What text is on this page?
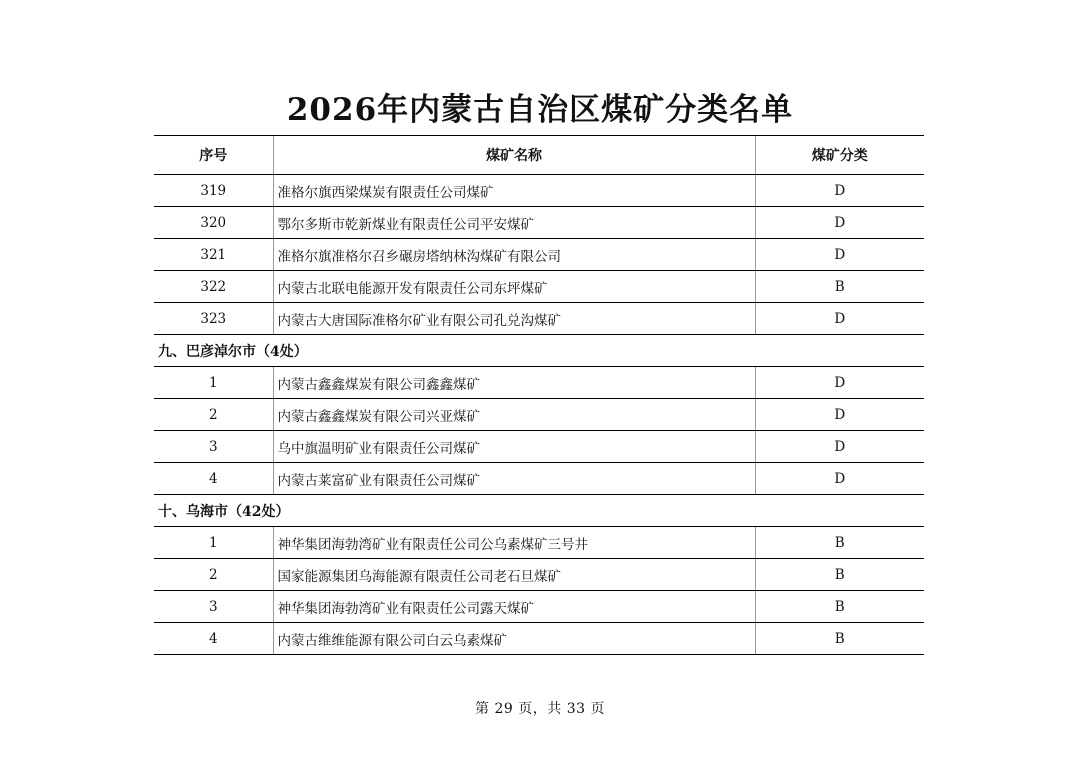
2026年内蒙古自治区煤矿分类名单
序号	煤矿名称	煤矿分类
319	准格尔旗西梁煤炭有限责任公司煤矿	D
320	鄂尔多斯市乾新煤业有限责任公司平安煤矿	D
321	准格尔旗准格尔召乡碾房塔纳林沟煤矿有限公司	D
322	内蒙古北联电能源开发有限责任公司东坪煤矿	B
323	内蒙古大唐国际准格尔矿业有限公司孔兑沟煤矿	D
九、巴彦淖尔市（4处）		
1	内蒙古鑫鑫煤炭有限公司鑫鑫煤矿	D
2	内蒙古鑫鑫煤炭有限公司兴亚煤矿	D
3	乌中旗温明矿业有限责任公司煤矿	D
4	内蒙古莱富矿业有限责任公司煤矿	D
十、乌海市（42处）		
1	神华集团海勃湾矿业有限责任公司公乌素煤矿三号井	B
2	国家能源集团乌海能源有限责任公司老石旦煤矿	B
3	神华集团海勃湾矿业有限责任公司露天煤矿	B
4	内蒙古维维能源有限公司白云乌素煤矿	B
第 29 页，共 33 页
